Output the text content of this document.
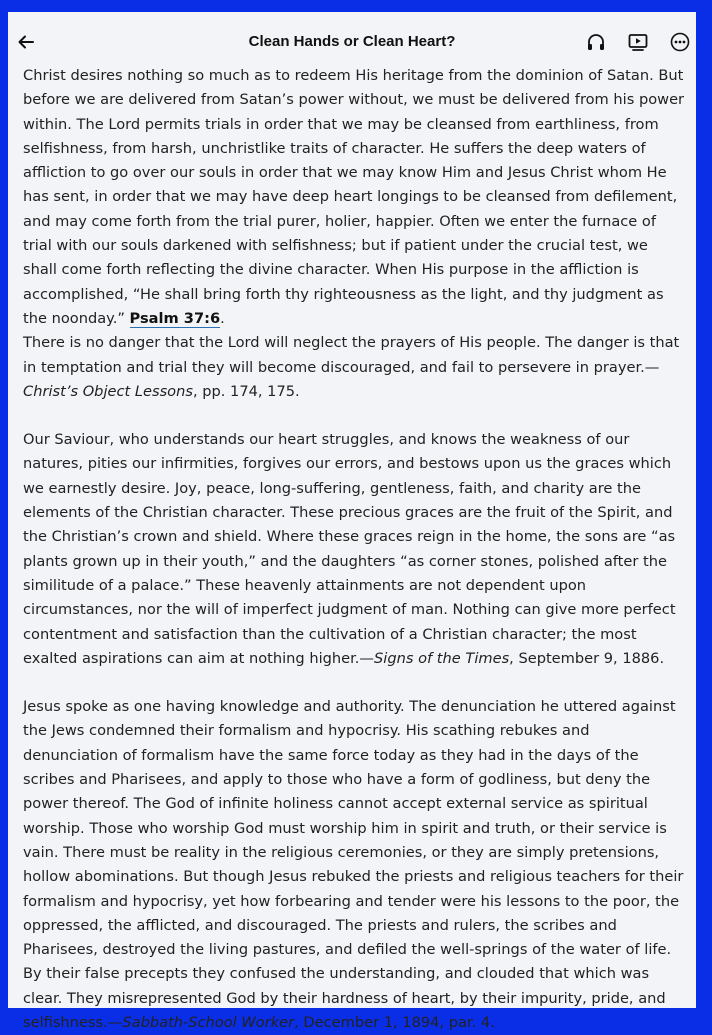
Clean Hands or Clean Heart?

Christ desires nothing so much as to redeem His heritage from the dominion of Satan. But before we are delivered from Satan’s power without, we must be delivered from his power within. The Lord permits trials in order that we may be cleansed from earthliness, from selfishness, from harsh, unchristlike traits of character. He suffers the deep waters of affliction to go over our souls in order that we may know Him and Jesus Christ whom He has sent, in order that we may have deep heart longings to be cleansed from defilement, and may come forth from the trial purer, holier, happier. Often we enter the furnace of trial with our souls darkened with selfishness; but if patient under the crucial test, we shall come forth reflecting the divine character. When His purpose in the affliction is accomplished, “He shall bring forth thy righteousness as the light, and thy judgment as the noonday.” Psalm 37:6.

There is no danger that the Lord will neglect the prayers of His people. The danger is that in temptation and trial they will become discouraged, and fail to persevere in prayer.—Christ’s Object Lessons, pp. 174, 175.

Our Saviour, who understands our heart struggles, and knows the weakness of our natures, pities our infirmities, forgives our errors, and bestows upon us the graces which we earnestly desire. Joy, peace, long-suffering, gentleness, faith, and charity are the elements of the Christian character. These precious graces are the fruit of the Spirit, and the Christian’s crown and shield. Where these graces reign in the home, the sons are “as plants grown up in their youth,” and the daughters “as corner stones, polished after the similitude of a palace.” These heavenly attainments are not dependent upon circumstances, nor the will of imperfect judgment of man. Nothing can give more perfect contentment and satisfaction than the cultivation of a Christian character; the most exalted aspirations can aim at nothing higher.—Signs of the Times, September 9, 1886.

Jesus spoke as one having knowledge and authority. The denunciation he uttered against the Jews condemned their formalism and hypocrisy. His scathing rebukes and denunciation of formalism have the same force today as they had in the days of the scribes and Pharisees, and apply to those who have a form of godliness, but deny the power thereof. The God of infinite holiness cannot accept external service as spiritual worship. Those who worship God must worship him in spirit and truth, or their service is vain. There must be reality in the religious ceremonies, or they are simply pretensions, hollow abominations. But though Jesus rebuked the priests and religious teachers for their formalism and hypocrisy, yet how forbearing and tender were his lessons to the poor, the oppressed, the afflicted, and discouraged. The priests and rulers, the scribes and Pharisees, destroyed the living pastures, and defiled the well-springs of the water of life. By their false precepts they confused the understanding, and clouded that which was clear. They misrepresented God by their hardness of heart, by their impurity, pride, and selfishness.—Sabbath-School Worker, December 1, 1894, par. 4.
